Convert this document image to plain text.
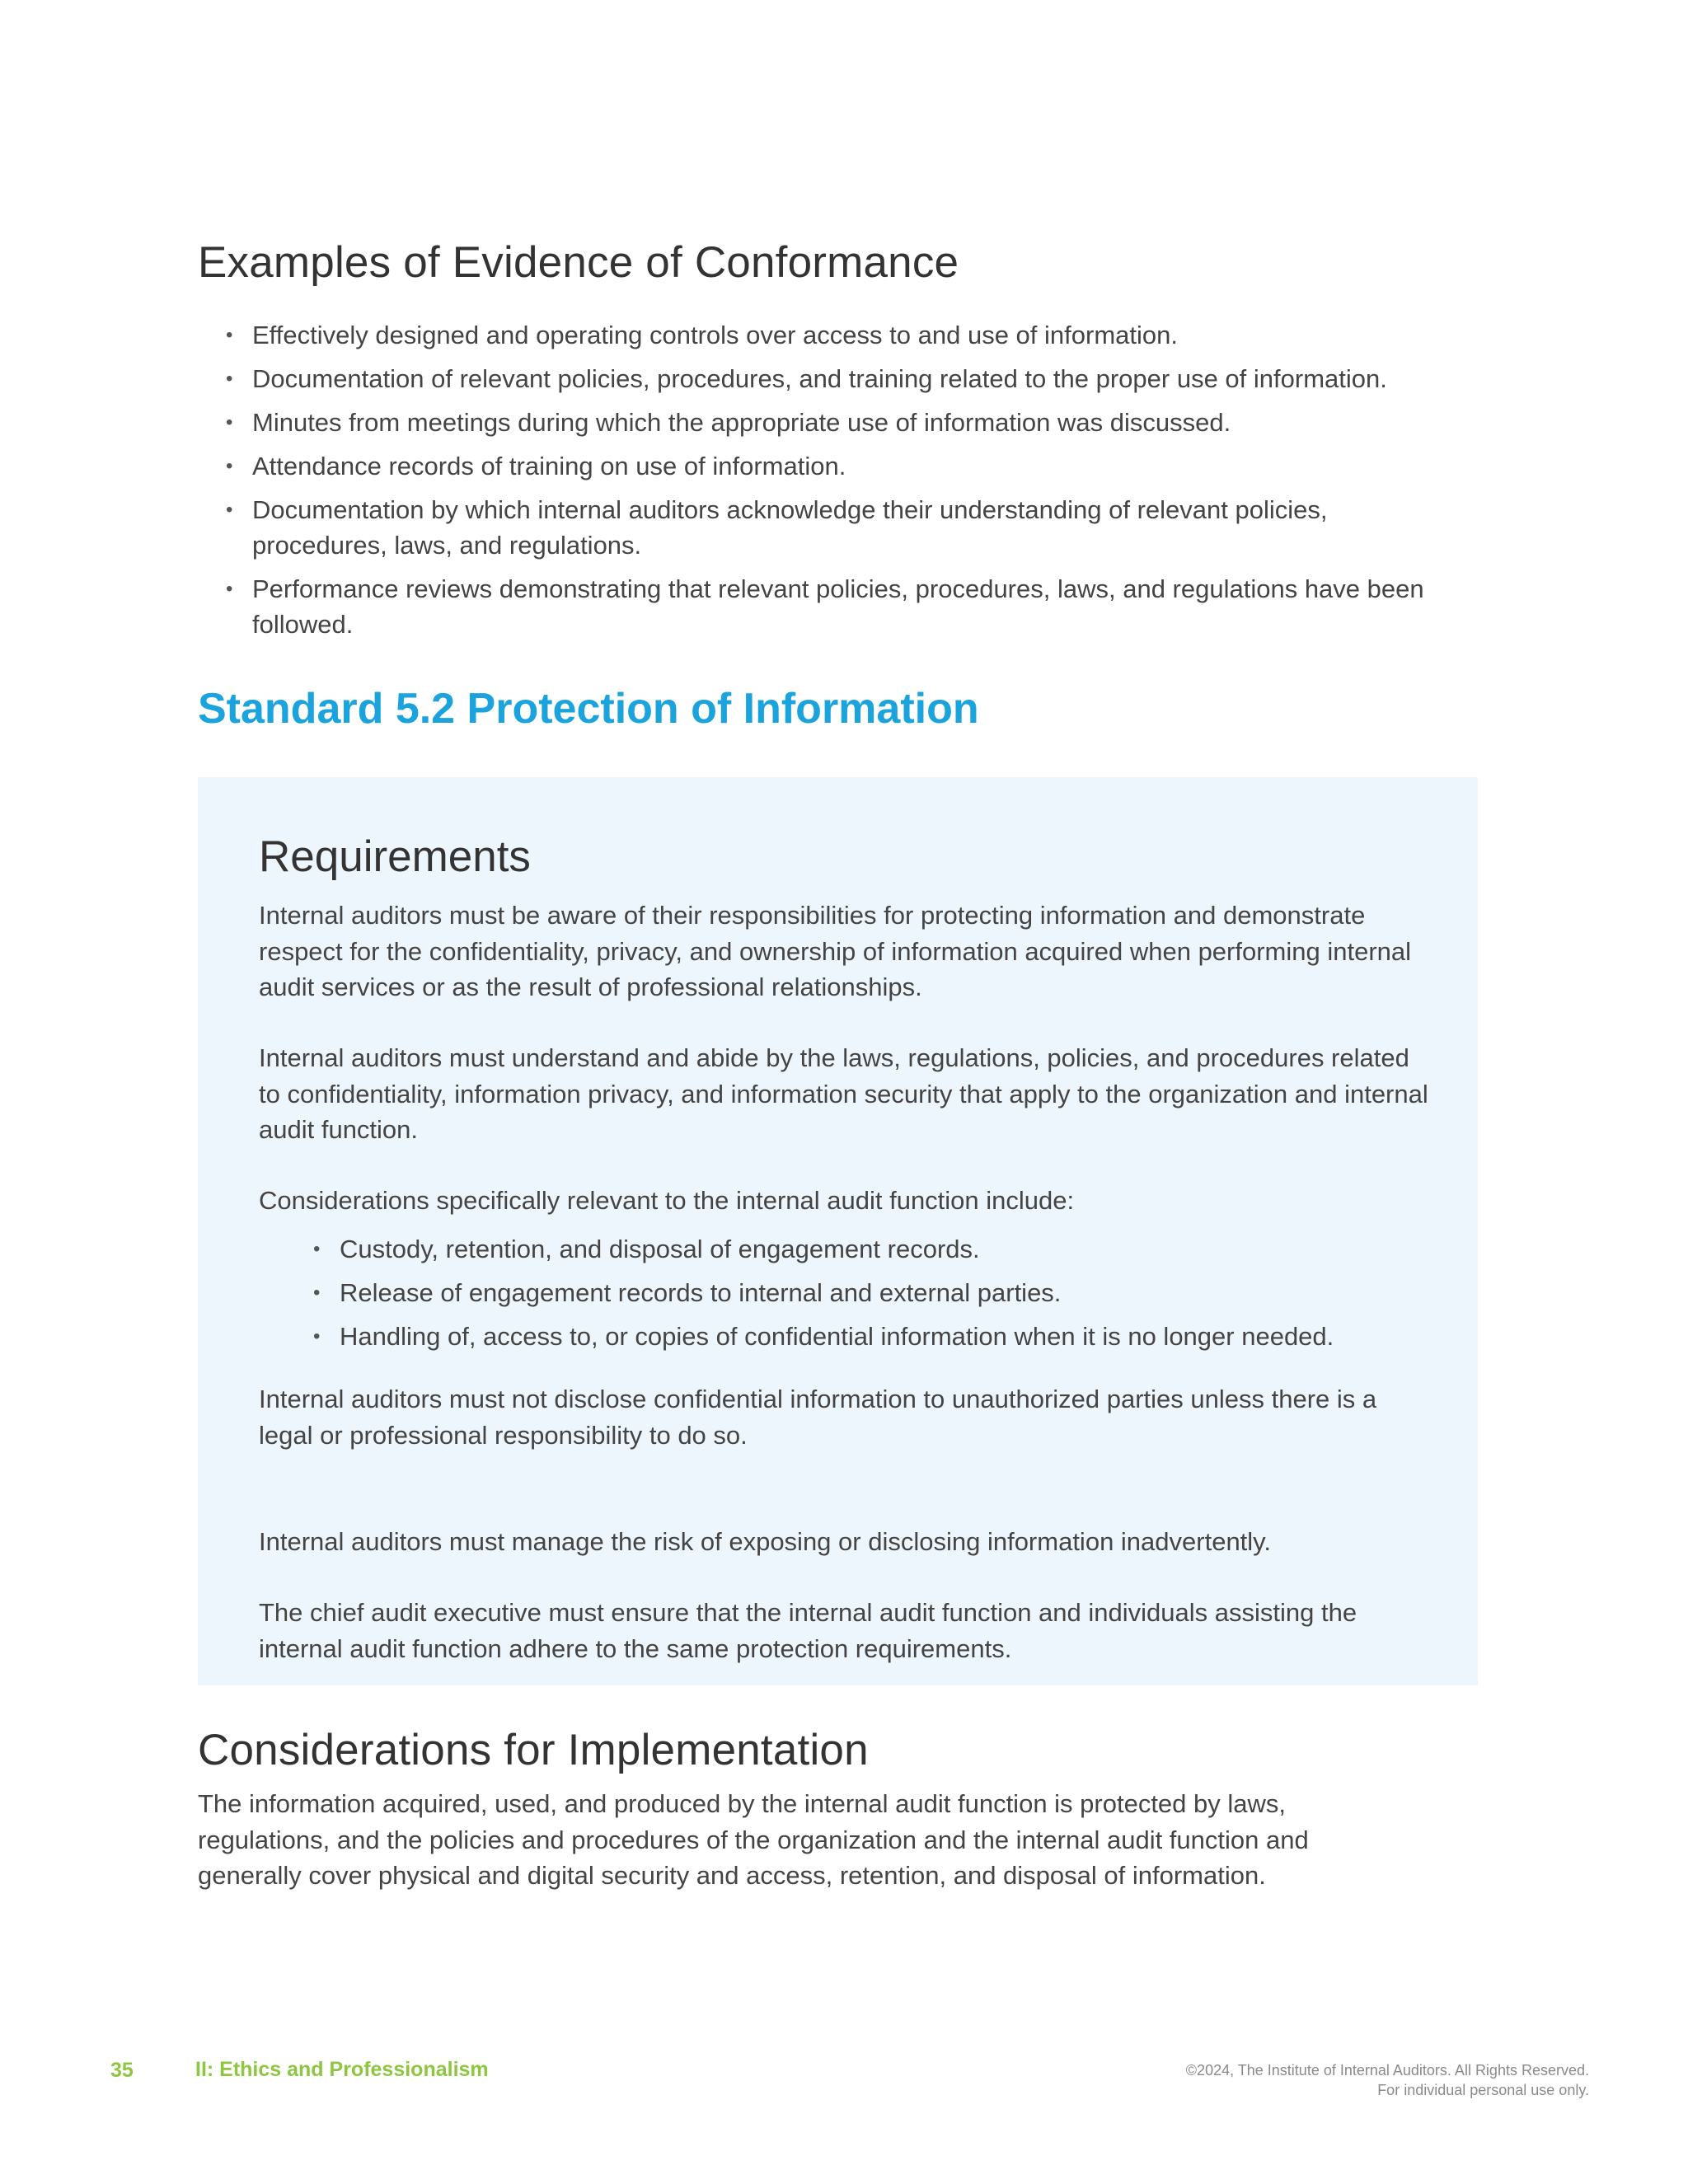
Examples of Evidence of Conformance
• Effectively designed and operating controls over access to and use of information.
• Documentation of relevant policies, procedures, and training related to the proper use of information.
• Minutes from meetings during which the appropriate use of information was discussed.
• Attendance records of training on use of information.
• Documentation by which internal auditors acknowledge their understanding of relevant policies, procedures, laws, and regulations.
• Performance reviews demonstrating that relevant policies, procedures, laws, and regulations have been followed.
Standard 5.2 Protection of Information
Requirements

Internal auditors must be aware of their responsibilities for protecting information and demonstrate respect for the confidentiality, privacy, and ownership of information acquired when performing internal audit services or as the result of professional relationships.

Internal auditors must understand and abide by the laws, regulations, policies, and procedures related to confidentiality, information privacy, and information security that apply to the organization and internal audit function.

Considerations specifically relevant to the internal audit function include:

• Custody, retention, and disposal of engagement records.
• Release of engagement records to internal and external parties.
• Handling of, access to, or copies of confidential information when it is no longer needed.

Internal auditors must not disclose confidential information to unauthorized parties unless there is a legal or professional responsibility to do so.

Internal auditors must manage the risk of exposing or disclosing information inadvertently.

The chief audit executive must ensure that the internal audit function and individuals assisting the internal audit function adhere to the same protection requirements.

Considerations for Implementation

The information acquired, used, and produced by the internal audit function is protected by laws, regulations, and the policies and procedures of the organization and the internal audit function and generally cover physical and digital security and access, retention, and disposal of information.

35	II: Ethics and Professionalism	©2024, The Institute of Internal Auditors. All Rights Reserved.
For individual personal use only.
